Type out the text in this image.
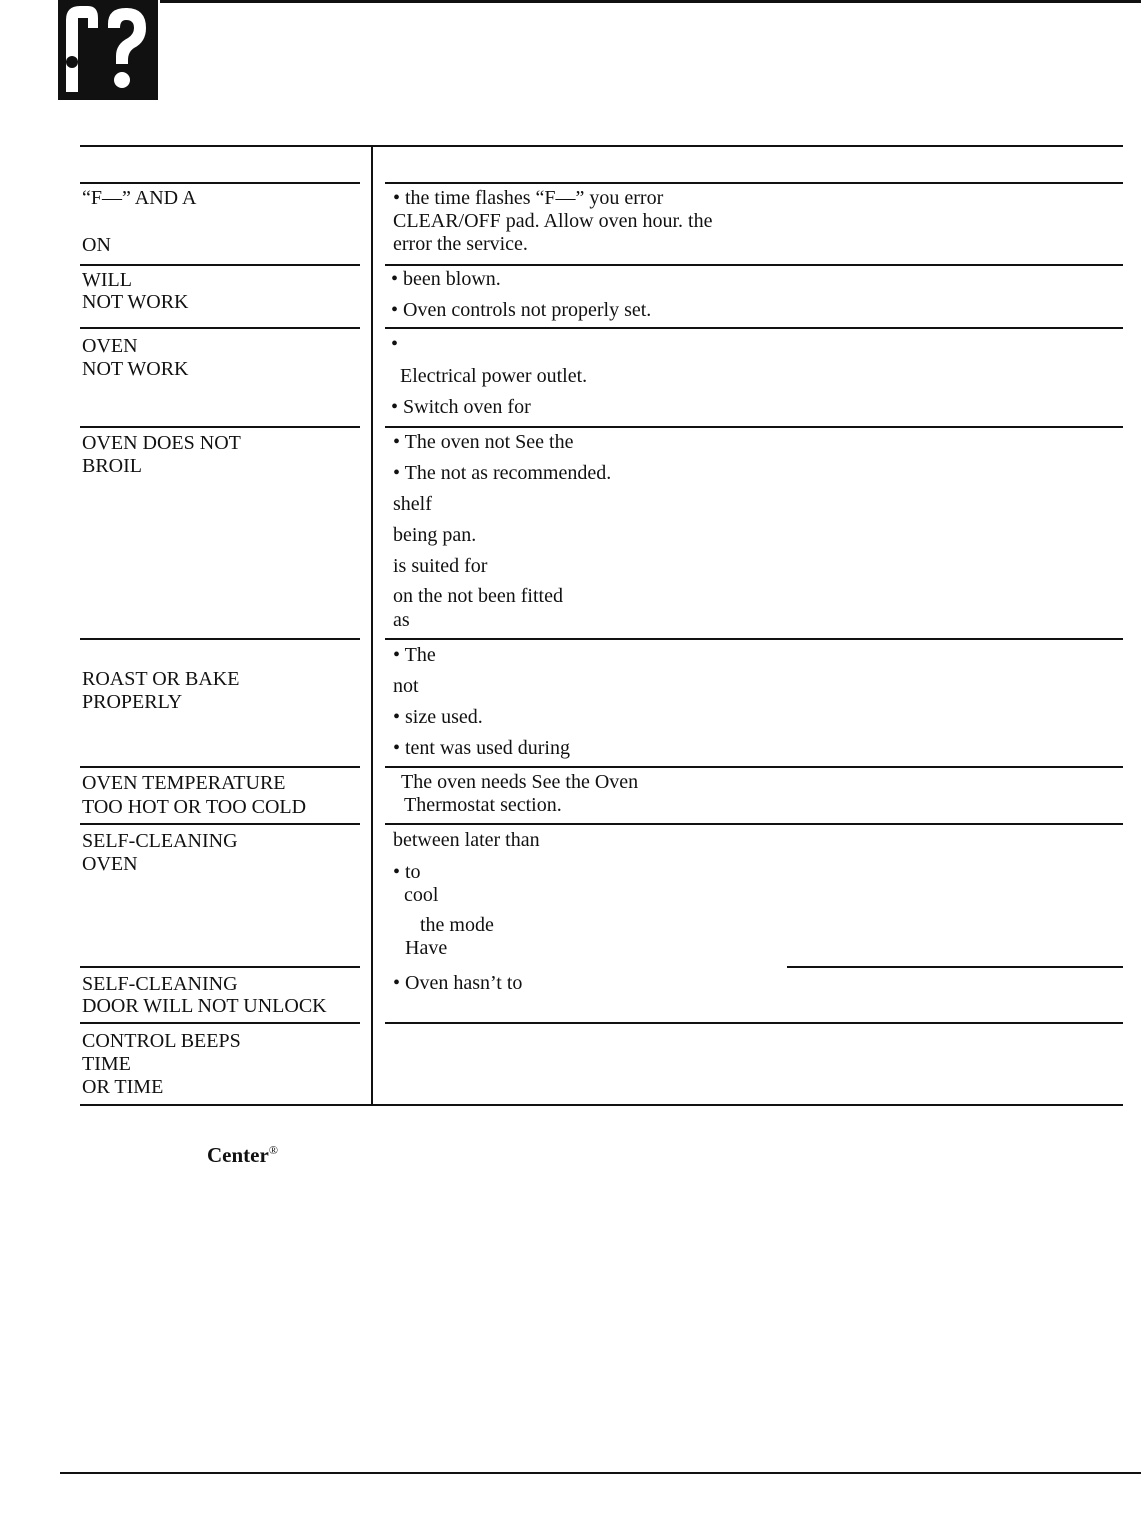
“F—” AND A
ON
• the time flashes “F—” you error
CLEAR/OFF pad. Allow oven hour. the
error the service.
WILL
NOT WORK
• been blown.
• Oven controls not properly set.
OVEN
NOT WORK
•
Electrical power outlet.
• Switch oven for
OVEN DOES NOT
BROIL
• The oven not See the
• The not as recommended.
shelf
being pan.
is suited for
on the not been fitted
as
ROAST OR BAKE
PROPERLY
• The
not
• size used.
• tent was used during
OVEN TEMPERATURE
TOO HOT OR TOO COLD
The oven needs See the Oven
Thermostat section.
SELF-CLEANING
OVEN
between later than
• to
cool
the mode
Have
SELF-CLEANING
DOOR WILL NOT UNLOCK
• Oven hasn’t to
CONTROL BEEPS
TIME
OR TIME
Center®
